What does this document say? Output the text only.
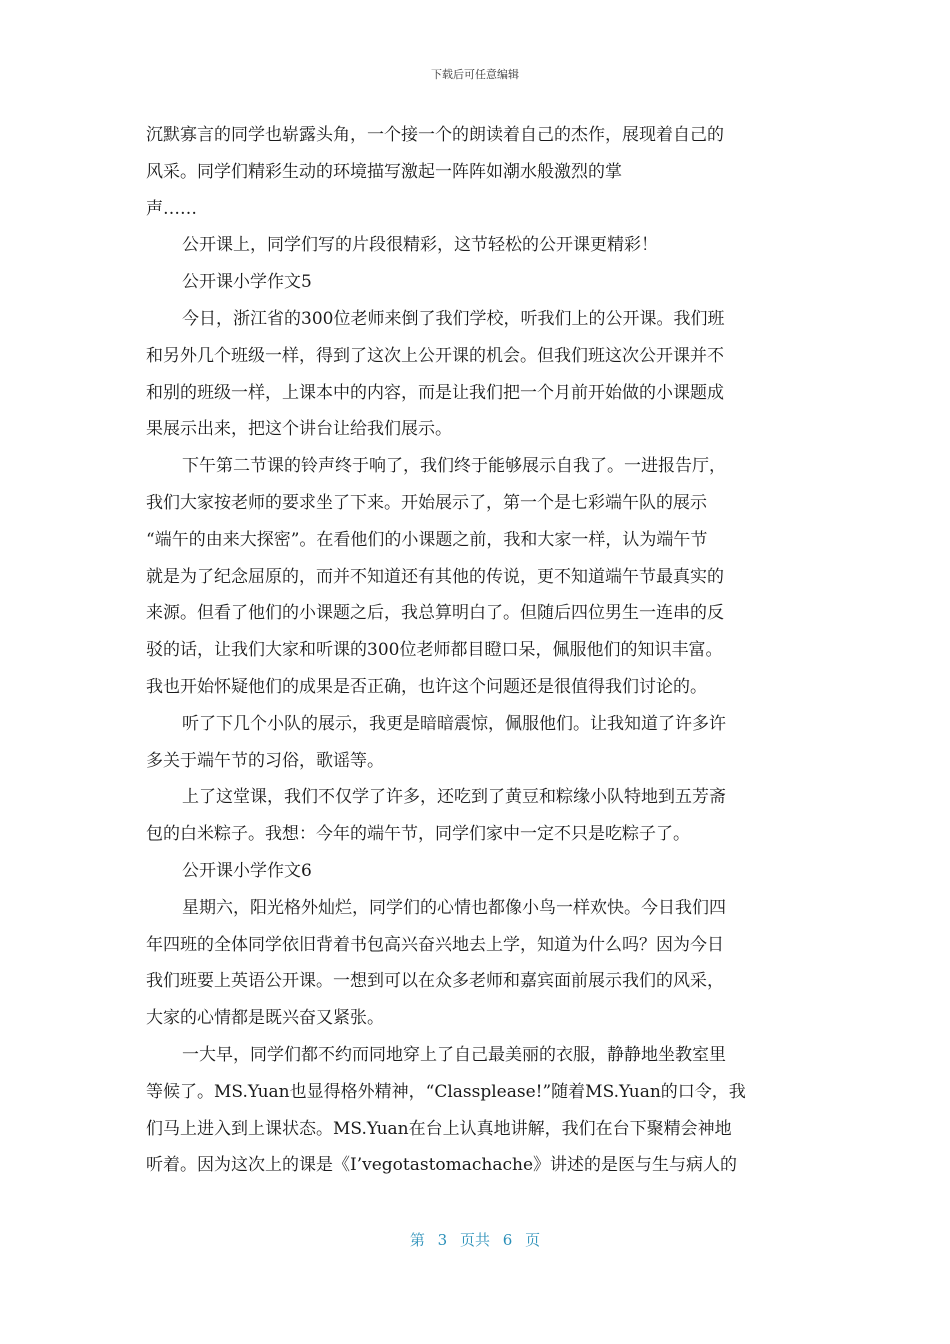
下载后可任意编辑
沉默寡言的同学也崭露头角，一个接一个的朗读着自己的杰作，展现着自己的
风采。同学们精彩生动的环境描写激起一阵阵如潮水般激烈的掌
声……
公开课上，同学们写的片段很精彩，这节轻松的公开课更精彩！
公开课小学作文5
今日，浙江省的300位老师来倒了我们学校，听我们上的公开课。我们班
和另外几个班级一样，得到了这次上公开课的机会。但我们班这次公开课并不
和别的班级一样，上课本中的内容，而是让我们把一个月前开始做的小课题成
果展示出来，把这个讲台让给我们展示。
下午第二节课的铃声终于响了，我们终于能够展示自我了。一进报告厅，
我们大家按老师的要求坐了下来。开始展示了，第一个是七彩端午队的展示
“端午的由来大探密”。在看他们的小课题之前，我和大家一样，认为端午节
就是为了纪念屈原的，而并不知道还有其他的传说，更不知道端午节最真实的
来源。但看了他们的小课题之后，我总算明白了。但随后四位男生一连串的反
驳的话，让我们大家和听课的300位老师都目瞪口呆，佩服他们的知识丰富。
我也开始怀疑他们的成果是否正确，也许这个问题还是很值得我们讨论的。
听了下几个小队的展示，我更是暗暗震惊，佩服他们。让我知道了许多许
多关于端午节的习俗，歌谣等。
上了这堂课，我们不仅学了许多，还吃到了黄豆和粽缘小队特地到五芳斋
包的白米粽子。我想：今年的端午节，同学们家中一定不只是吃粽子了。
公开课小学作文6
星期六，阳光格外灿烂，同学们的心情也都像小鸟一样欢快。今日我们四
年四班的全体同学依旧背着书包高兴奋兴地去上学，知道为什么吗？因为今日
我们班要上英语公开课。一想到可以在众多老师和嘉宾面前展示我们的风采，
大家的心情都是既兴奋又紧张。
一大早，同学们都不约而同地穿上了自己最美丽的衣服，静静地坐教室里
等候了。MS.Yuan也显得格外精神，“Classplease!”随着MS.Yuan的口令，我
们马上进入到上课状态。MS.Yuan在台上认真地讲解，我们在台下聚精会神地
听着。因为这次上的课是《I’vegotastomachache》讲述的是医与生与病人的
第 3 页共 6 页
